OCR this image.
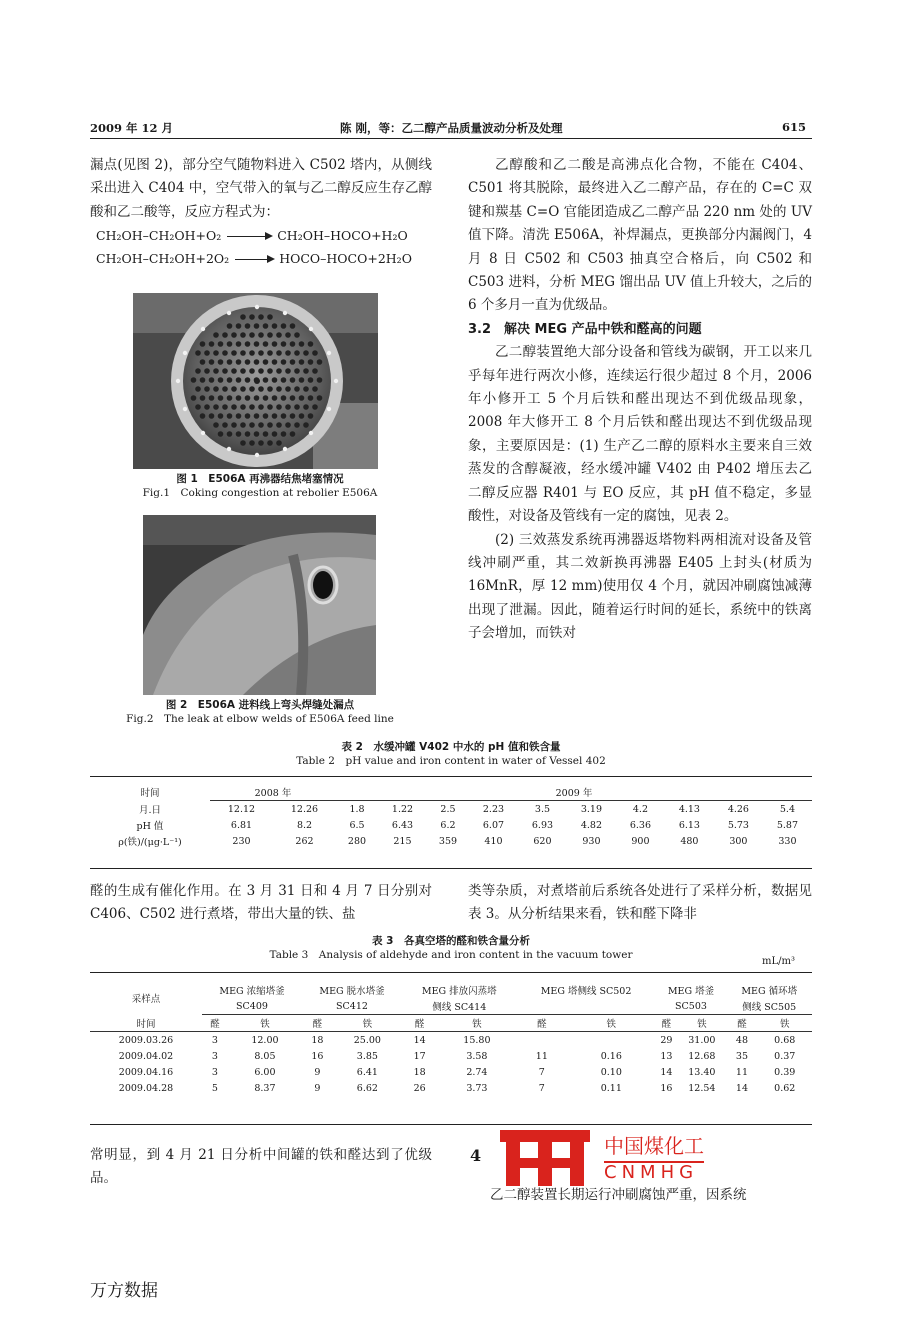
2009 年 12 月	陈 刚，等：乙二醇产品质量波动分析及处理	615

漏点(见图 2)，部分空气随物料进入 C502 塔内，从侧线采出进入 C404 中，空气带入的氧与乙二醇反应生存乙醇酸和乙二酸等，反应方程式为：

CH₂OH–CH₂OH+O₂	CH₂OH–HOCO+H₂O
CH₂OH–CH₂OH+2O₂	HOCO–HOCO+2H₂O
图 1　E506A 再沸器结焦堵塞情况
Fig.1　Coking congestion at rebolier E506A
图 2　E506A 进料线上弯头焊缝处漏点
Fig.2　The leak at elbow welds of E506A feed line

乙醇酸和乙二酸是高沸点化合物，不能在 C404、C501 将其脱除，最终进入乙二醇产品，存在的 C=C 双键和羰基 C=O 官能团造成乙二醇产品 220 nm 处的 UV 值下降。清洗 E506A，补焊漏点，更换部分内漏阀门，4 月 8 日 C502 和 C503 抽真空合格后，向 C502 和 C503 进料，分析 MEG 馏出品 UV 值上升较大，之后的 6 个多月一直为优级品。

3.2　解决 MEG 产品中铁和醛高的问题

乙二醇装置绝大部分设备和管线为碳钢，开工以来几乎每年进行两次小修，连续运行很少超过 8 个月，2006 年小修开工 5 个月后铁和醛出现达不到优级品现象，2008 年大修开工 8 个月后铁和醛出现达不到优级品现象，主要原因是：(1) 生产乙二醇的原料水主要来自三效蒸发的含醇凝液，经水缓冲罐 V402 由 P402 增压去乙二醇反应器 R401 与 EO 反应，其 pH 值不稳定，多显酸性，对设备及管线有一定的腐蚀，见表 2。

(2) 三效蒸发系统再沸器返塔物料两相流对设备及管线冲刷严重，其二效新换再沸器 E405 上封头(材质为 16MnR，厚 12 mm)使用仅 4 个月，就因冲刷腐蚀减薄出现了泄漏。因此，随着运行时间的延长，系统中的铁离子会增加，而铁对

表 2　水缓冲罐 V402 中水的 pH 值和铁含量
Table 2　pH value and iron content in water of Vessel 402
时间	2008 年		2009 年									
月.日	12.12	12.26	1.8	1.22	2.5	2.23	3.5	3.19	4.2	4.13	4.26	5.4
pH 值	6.81	8.2	6.5	6.43	6.2	6.07	6.93	4.82	6.36	6.13	5.73	5.87
ρ(铁)/(μg·L⁻¹)	230	262	280	215	359	410	620	930	900	480	300	330
醛的生成有催化作用。在 3 月 31 日和 4 月 7 日分别对 C406、C502 进行煮塔，带出大量的铁、盐
类等杂质，对煮塔前后系统各处进行了采样分析，数据见表 3。从分析结果来看，铁和醛下降非
表 3　各真空塔的醛和铁含量分析
Table 3　Analysis of aldehyde and iron content in the vacuum tower
mL/m³
采样点	MEG 浓缩塔釜		MEG 脱水塔釜		MEG 排放闪蒸塔		MEG 塔侧线 SC502		MEG 塔釜		MEG 循环塔	
	SC409		SC412		侧线 SC414				SC503		侧线 SC505	
时间	醛	铁	醛	铁	醛	铁	醛	铁	醛	铁	醛	铁
2009.03.26	3	12.00	18	25.00	14	15.80			29	31.00	48	0.68
2009.04.02	3	8.05	16	3.85	17	3.58	11	0.16	13	12.68	35	0.37
2009.04.16	3	6.00	9	6.41	18	2.74	7	0.10	14	13.40	11	0.39
2009.04.28	5	8.37	9	6.62	26	3.73	7	0.11	16	12.54	14	0.62
常明显，到 4 月 21 日分析中间罐的铁和醛达到了优级品。
4
乙二醇装置长期运行冲刷腐蚀严重，因系统
中国煤化工
CNMHG
万方数据
